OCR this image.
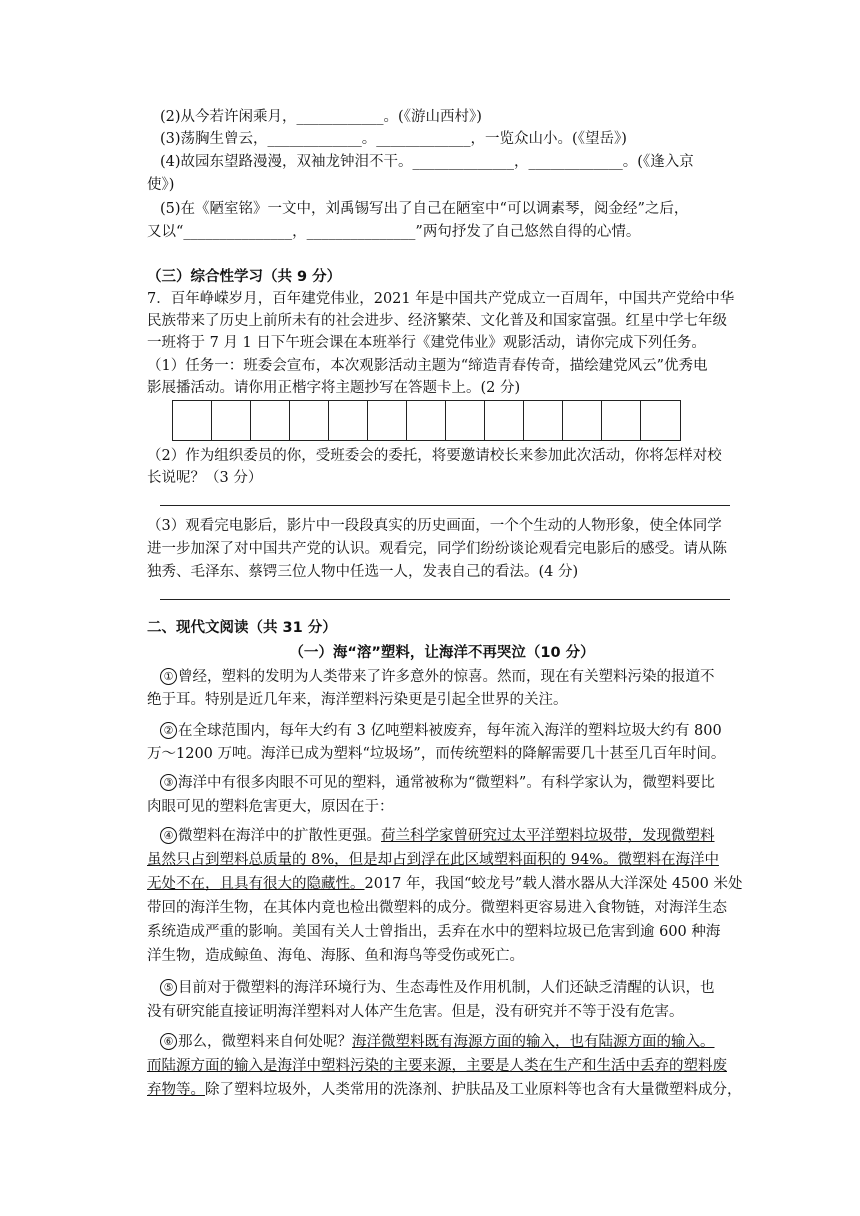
(2)从今若许闲乘月，____________。(《游山西村》)
(3)荡胸生曾云，_____________。_____________，一览众山小。(《望岳》)
(4)故园东望路漫漫，双袖龙钟泪不干。______________，_____________。(《逢入京
使》)
(5)在《陋室铭》一文中，刘禹锡写出了自己在陋室中“可以调素琴，阅金经”之后，
又以“_______________，_______________”两句抒发了自己悠然自得的心情。
（三）综合性学习（共 9 分）
7．百年峥嵘岁月，百年建党伟业，2021 年是中国共产党成立一百周年，中国共产党给中华
民族带来了历史上前所未有的社会进步、经济繁荣、文化普及和国家富强。红星中学七年级
一班将于 7 月 1 日下午班会课在本班举行《建党伟业》观影活动，请你完成下列任务。
（1）任务一：班委会宣布，本次观影活动主题为“缔造青春传奇，描绘建党风云”优秀电
影展播活动。请你用正楷字将主题抄写在答题卡上。(2 分)
（2）作为组织委员的你，受班委会的委托，将要邀请校长来参加此次活动，你将怎样对校
长说呢？（3 分）
（3）观看完电影后，影片中一段段真实的历史画面，一个个生动的人物形象，使全体同学
进一步加深了对中国共产党的认识。观看完，同学们纷纷谈论观看完电影后的感受。请从陈
独秀、毛泽东、蔡锷三位人物中任选一人，发表自己的看法。(4 分)
二、现代文阅读（共 31 分）
（一）海“溶”塑料，让海洋不再哭泣（10 分）
① 曾经，塑料的发明为人类带来了许多意外的惊喜。然而，现在有关塑料污染的报道不
绝于耳。特别是近几年来，海洋塑料污染更是引起全世界的关注。
② 在全球范围内，每年大约有 3 亿吨塑料被废弃，每年流入海洋的塑料垃圾大约有 800
万～1200 万吨。海洋已成为塑料“垃圾场”，而传统塑料的降解需要几十甚至几百年时间。
③ 海洋中有很多肉眼不可见的塑料，通常被称为“微塑料”。有科学家认为，微塑料要比
肉眼可见的塑料危害更大，原因在于：
④ 微塑料在海洋中的扩散性更强。荷兰科学家曾研究过太平洋塑料垃圾带，发现微塑料
虽然只占到塑料总质量的 8%，但是却占到浮在此区域塑料面积的 94%。微塑料在海洋中
无处不在，且具有很大的隐藏性。2017 年，我国“蛟龙号”载人潜水器从大洋深处 4500 米处
带回的海洋生物，在其体内竟也检出微塑料的成分。微塑料更容易进入食物链，对海洋生态
系统造成严重的影响。美国有关人士曾指出，丢弃在水中的塑料垃圾已危害到逾 600 种海
洋生物，造成鲸鱼、海龟、海豚、鱼和海鸟等受伤或死亡。
⑤ 目前对于微塑料的海洋环境行为、生态毒性及作用机制，人们还缺乏清醒的认识，也
没有研究能直接证明海洋塑料对人体产生危害。但是，没有研究并不等于没有危害。
⑥ 那么，微塑料来自何处呢？海洋微塑料既有海源方面的输入，也有陆源方面的输入。
而陆源方面的输入是海洋中塑料污染的主要来源，主要是人类在生产和生活中丢弃的塑料废
弃物等。除了塑料垃圾外，人类常用的洗涤剂、护肤品及工业原料等也含有大量微塑料成分，
